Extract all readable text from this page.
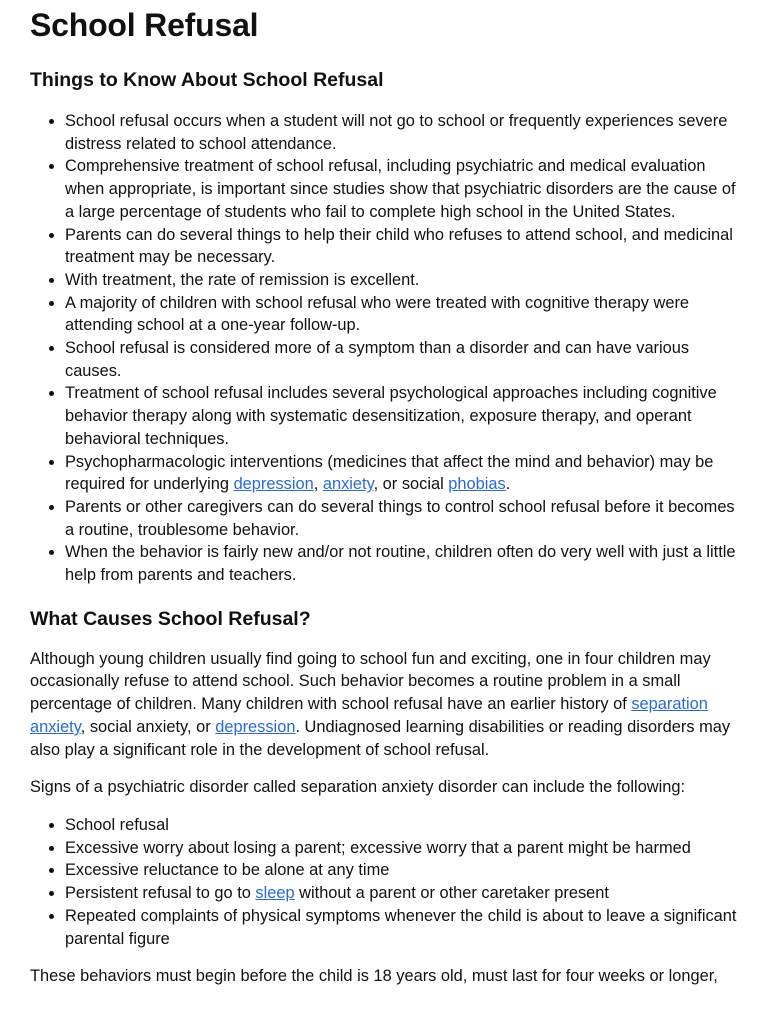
School Refusal
Things to Know About School Refusal
• School refusal occurs when a student will not go to school or frequently experiences severe distress related to school attendance.
• Comprehensive treatment of school refusal, including psychiatric and medical evaluation when appropriate, is important since studies show that psychiatric disorders are the cause of a large percentage of students who fail to complete high school in the United States.
• Parents can do several things to help their child who refuses to attend school, and medicinal treatment may be necessary.
• With treatment, the rate of remission is excellent.
• A majority of children with school refusal who were treated with cognitive therapy were attending school at a one-year follow-up.
• School refusal is considered more of a symptom than a disorder and can have various causes.
• Treatment of school refusal includes several psychological approaches including cognitive behavior therapy along with systematic desensitization, exposure therapy, and operant behavioral techniques.
• Psychopharmacologic interventions (medicines that affect the mind and behavior) may be required for underlying depression, anxiety, or social phobias.
• Parents or other caregivers can do several things to control school refusal before it becomes a routine, troublesome behavior.
• When the behavior is fairly new and/or not routine, children often do very well with just a little help from parents and teachers.
What Causes School Refusal?

Although young children usually find going to school fun and exciting, one in four children may occasionally refuse to attend school. Such behavior becomes a routine problem in a small percentage of children. Many children with school refusal have an earlier history of separation anxiety, social anxiety, or depression. Undiagnosed learning disabilities or reading disorders may also play a significant role in the development of school refusal.

Signs of a psychiatric disorder called separation anxiety disorder can include the following:

• School refusal
• Excessive worry about losing a parent; excessive worry that a parent might be harmed
• Excessive reluctance to be alone at any time
• Persistent refusal to go to sleep without a parent or other caretaker present
• Repeated complaints of physical symptoms whenever the child is about to leave a significant parental figure

These behaviors must begin before the child is 18 years old, must last for four weeks or longer,
